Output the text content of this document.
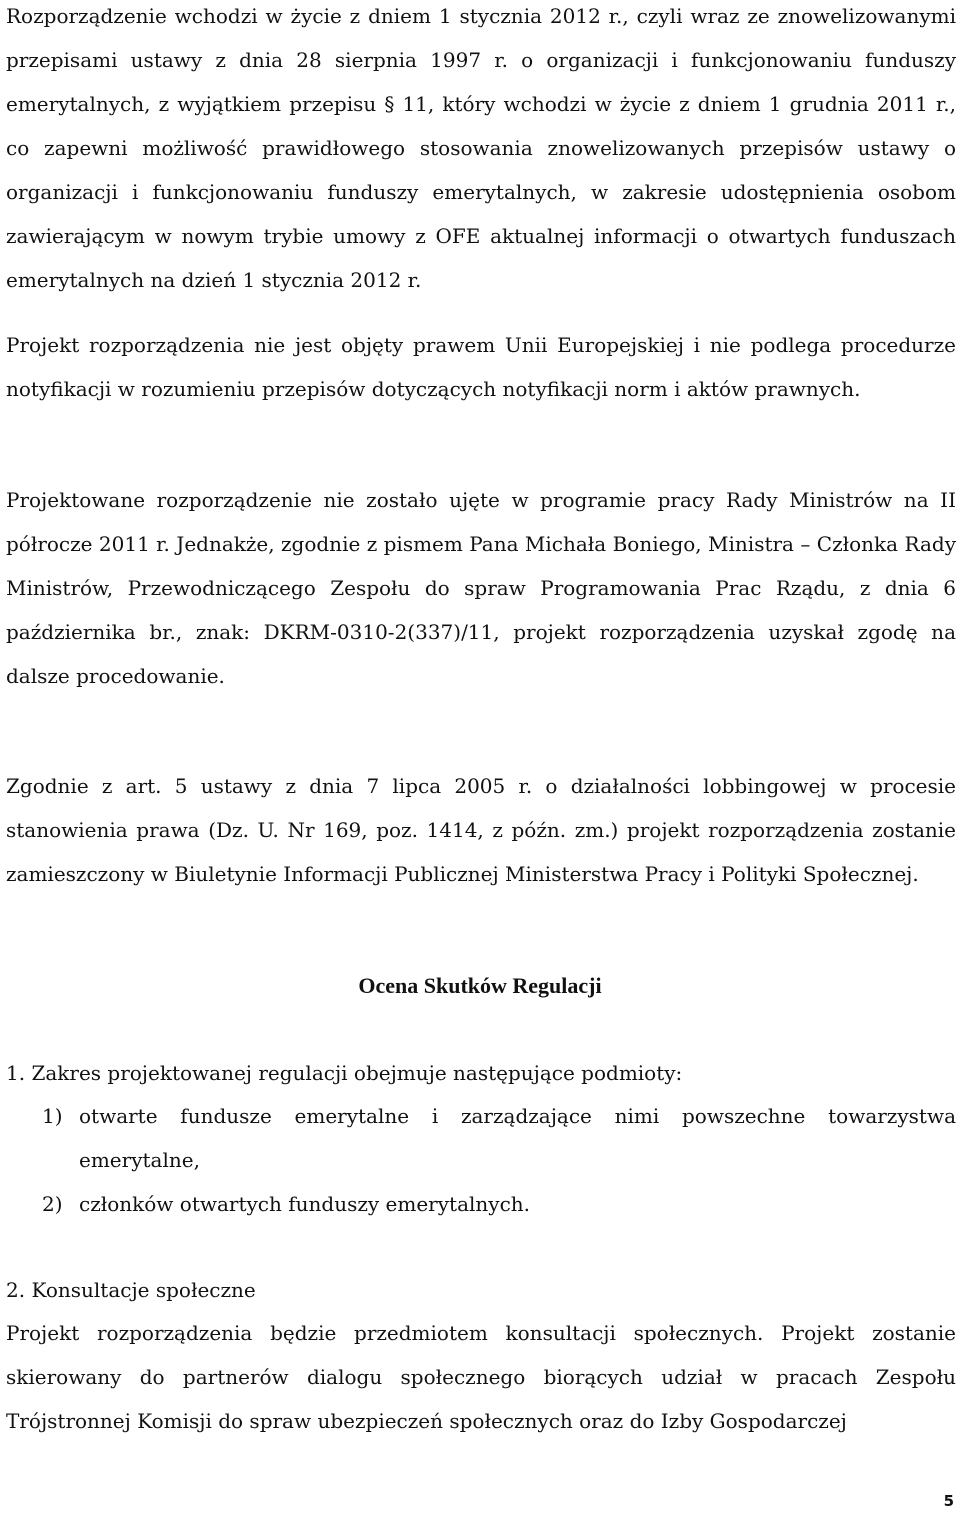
Rozporządzenie wchodzi w życie z dniem 1 stycznia 2012 r., czyli wraz ze znowelizowanymi przepisami ustawy z dnia 28 sierpnia 1997 r. o organizacji i funkcjonowaniu funduszy emerytalnych, z wyjątkiem przepisu § 11, który wchodzi w życie z dniem 1 grudnia 2011 r., co zapewni możliwość prawidłowego stosowania znowelizowanych przepisów ustawy o organizacji i funkcjonowaniu funduszy emerytalnych, w zakresie udostępnienia osobom zawierającym w nowym trybie umowy z OFE aktualnej informacji o otwartych funduszach emerytalnych na dzień 1 stycznia 2012 r.

Projekt rozporządzenia nie jest objęty prawem Unii Europejskiej i nie podlega procedurze notyfikacji w rozumieniu przepisów dotyczących notyfikacji norm i aktów prawnych.

Projektowane rozporządzenie nie zostało ujęte w programie pracy Rady Ministrów na II półrocze 2011 r. Jednakże, zgodnie z pismem Pana Michała Boniego, Ministra – Członka Rady Ministrów, Przewodniczącego Zespołu do spraw Programowania Prac Rządu, z dnia 6 października br., znak: DKRM-0310-2(337)/11, projekt rozporządzenia uzyskał zgodę na dalsze procedowanie.

Zgodnie z art. 5 ustawy z dnia 7 lipca 2005 r. o działalności lobbingowej w procesie stanowienia prawa (Dz. U. Nr 169, poz. 1414, z późn. zm.) projekt rozporządzenia zostanie zamieszczony w Biuletynie Informacji Publicznej Ministerstwa Pracy i Polityki Społecznej.

Ocena Skutków Regulacji

1. Zakres projektowanej regulacji obejmuje następujące podmioty:

1) otwarte fundusze emerytalne i zarządzające nimi powszechne towarzystwa emerytalne,
2) członków otwartych funduszy emerytalnych.

2. Konsultacje społeczne

Projekt rozporządzenia będzie przedmiotem konsultacji społecznych. Projekt zostanie skierowany do partnerów dialogu społecznego biorących udział w pracach Zespołu Trójstronnej Komisji do spraw ubezpieczeń społecznych oraz do Izby Gospodarczej

5
